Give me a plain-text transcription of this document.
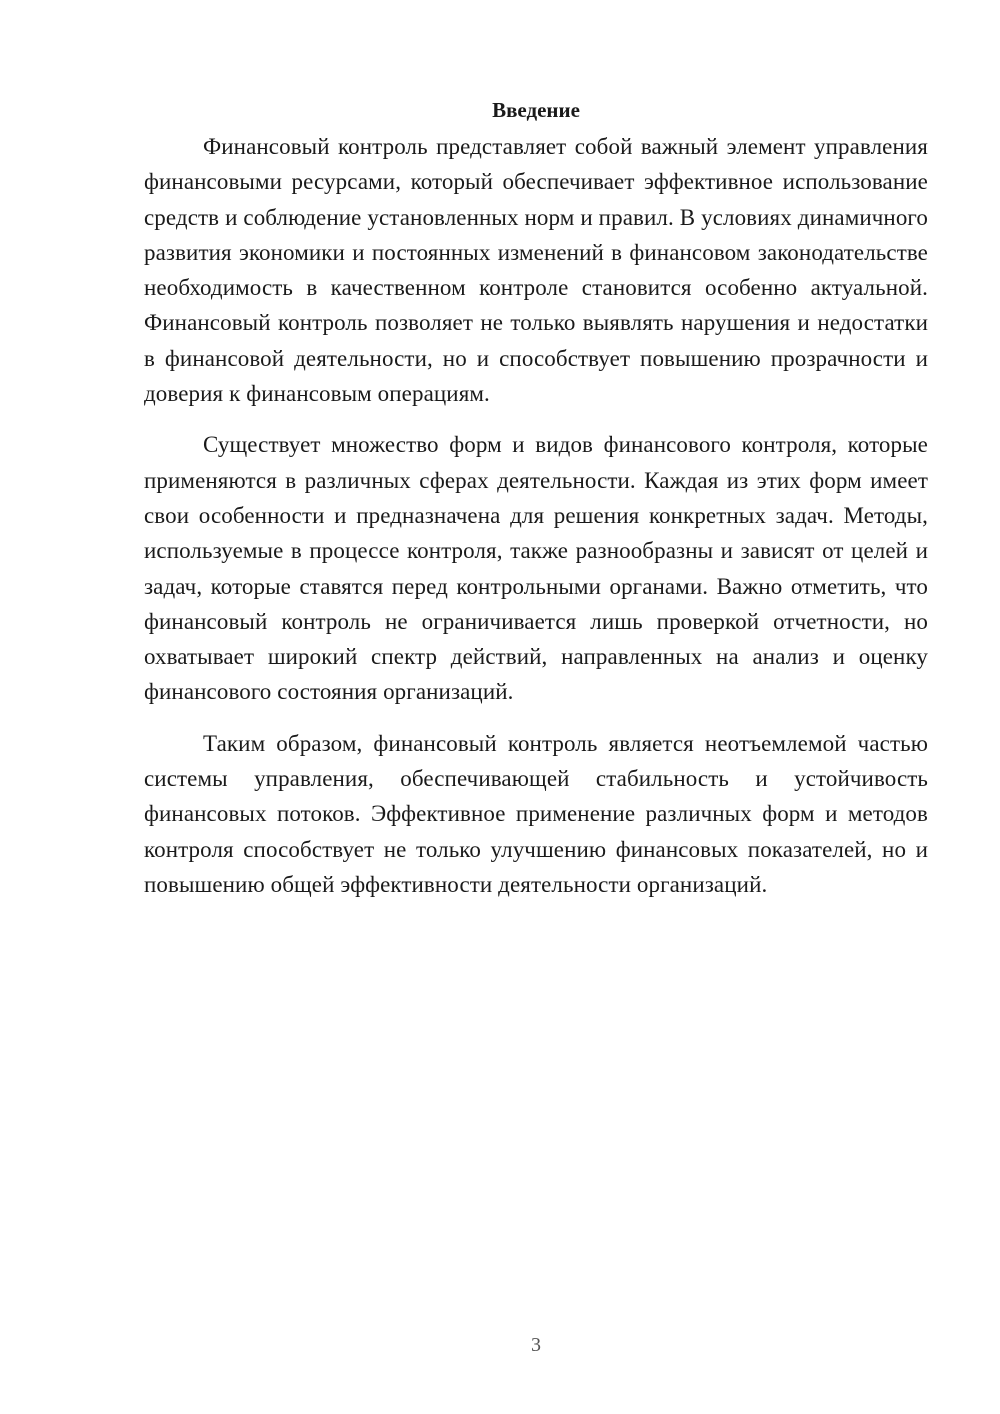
Введение

Финансовый контроль представляет собой важный элемент управления финансовыми ресурсами, который обеспечивает эффективное использование средств и соблюдение установленных норм и правил. В условиях динамичного развития экономики и постоянных изменений в финансовом законодательстве необходимость в качественном контроле становится особенно актуальной. Финансовый контроль позволяет не только выявлять нарушения и недостатки в финансовой деятельности, но и способствует повышению прозрачности и доверия к финансовым операциям.

Существует множество форм и видов финансового контроля, которые применяются в различных сферах деятельности. Каждая из этих форм имеет свои особенности и предназначена для решения конкретных задач. Методы, используемые в процессе контроля, также разнообразны и зависят от целей и задач, которые ставятся перед контрольными органами. Важно отметить, что финансовый контроль не ограничивается лишь проверкой отчетности, но охватывает широкий спектр действий, направленных на анализ и оценку финансового состояния организаций.

Таким образом, финансовый контроль является неотъемлемой частью системы управления, обеспечивающей стабильность и устойчивость финансовых потоков. Эффективное применение различных форм и методов контроля способствует не только улучшению финансовых показателей, но и повышению общей эффективности деятельности организаций.

3
